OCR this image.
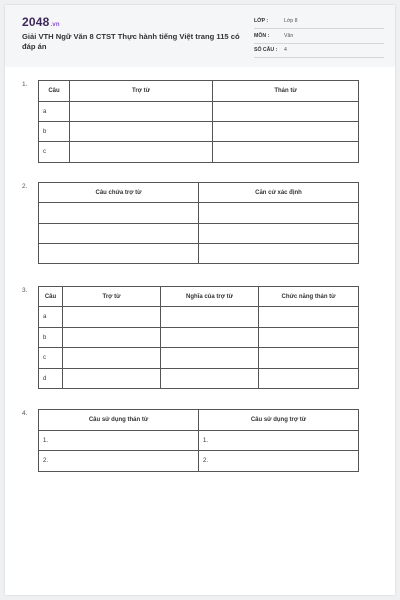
2048.vn
Giải VTH Ngữ Văn 8 CTST Thực hành tiếng Việt trang 115 có đáp án
LỚP :	Lớp 8
MÔN :	Văn
SỐ CÂU : 4
1.
Câu	Trợ từ	Thán từ
a		
b		
c		
2.
Câu chứa trợ từ	Căn cứ xác định

3.
Câu	Trợ từ	Nghĩa của trợ từ	Chức năng thán từ
a			
b			
c			
d			
4.
Câu sử dụng thán từ	Câu sử dụng trợ từ
1.	1.
2.	2.
